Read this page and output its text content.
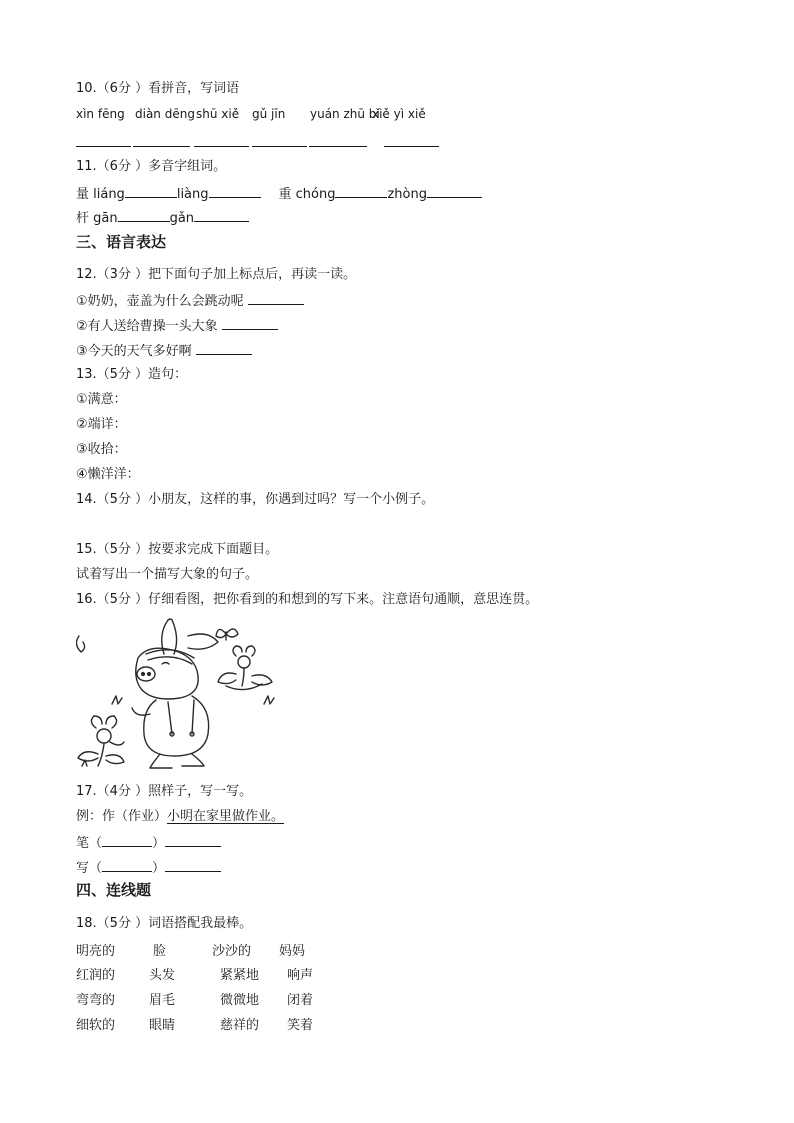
10.（6分 ）看拼音，写词语
xìn fēng diàn dēng shū xiě gǔ jīn yuán zhū bǐ
xiě yì xiě
11.（6分 ）多音字组词。
量 liáng	liàng	重 chóng	zhòng
杆 gān	gǎn
三、语言表达
12.（3分 ）把下面句子加上标点后，再读一读。
①奶奶，壶盖为什么会跳动呢
②有人送给曹操一头大象
③今天的天气多好啊
13.（5分 ）造句：
①满意：
②端详：
③收拾：
④懒洋洋：
14.（5分 ）小朋友，这样的事，你遇到过吗？写一个小例子。
15.（5分 ）按要求完成下面题目。
试着写出一个描写大象的句子。
16.（5分 ）仔细看图，把你看到的和想到的写下来。注意语句通顺，意思连贯。
17.（4分 ）照样子，写一写。
例：作（作业）小明在家里做作业。
笔（	）
写（	）
四、连线题
18.（5分 ）词语搭配我最棒。
明亮的	脸	沙沙的 妈妈
红润的	头发	紧紧地 响声
弯弯的	眉毛	微微地 闭着
细软的	眼睛	慈祥的 笑着
